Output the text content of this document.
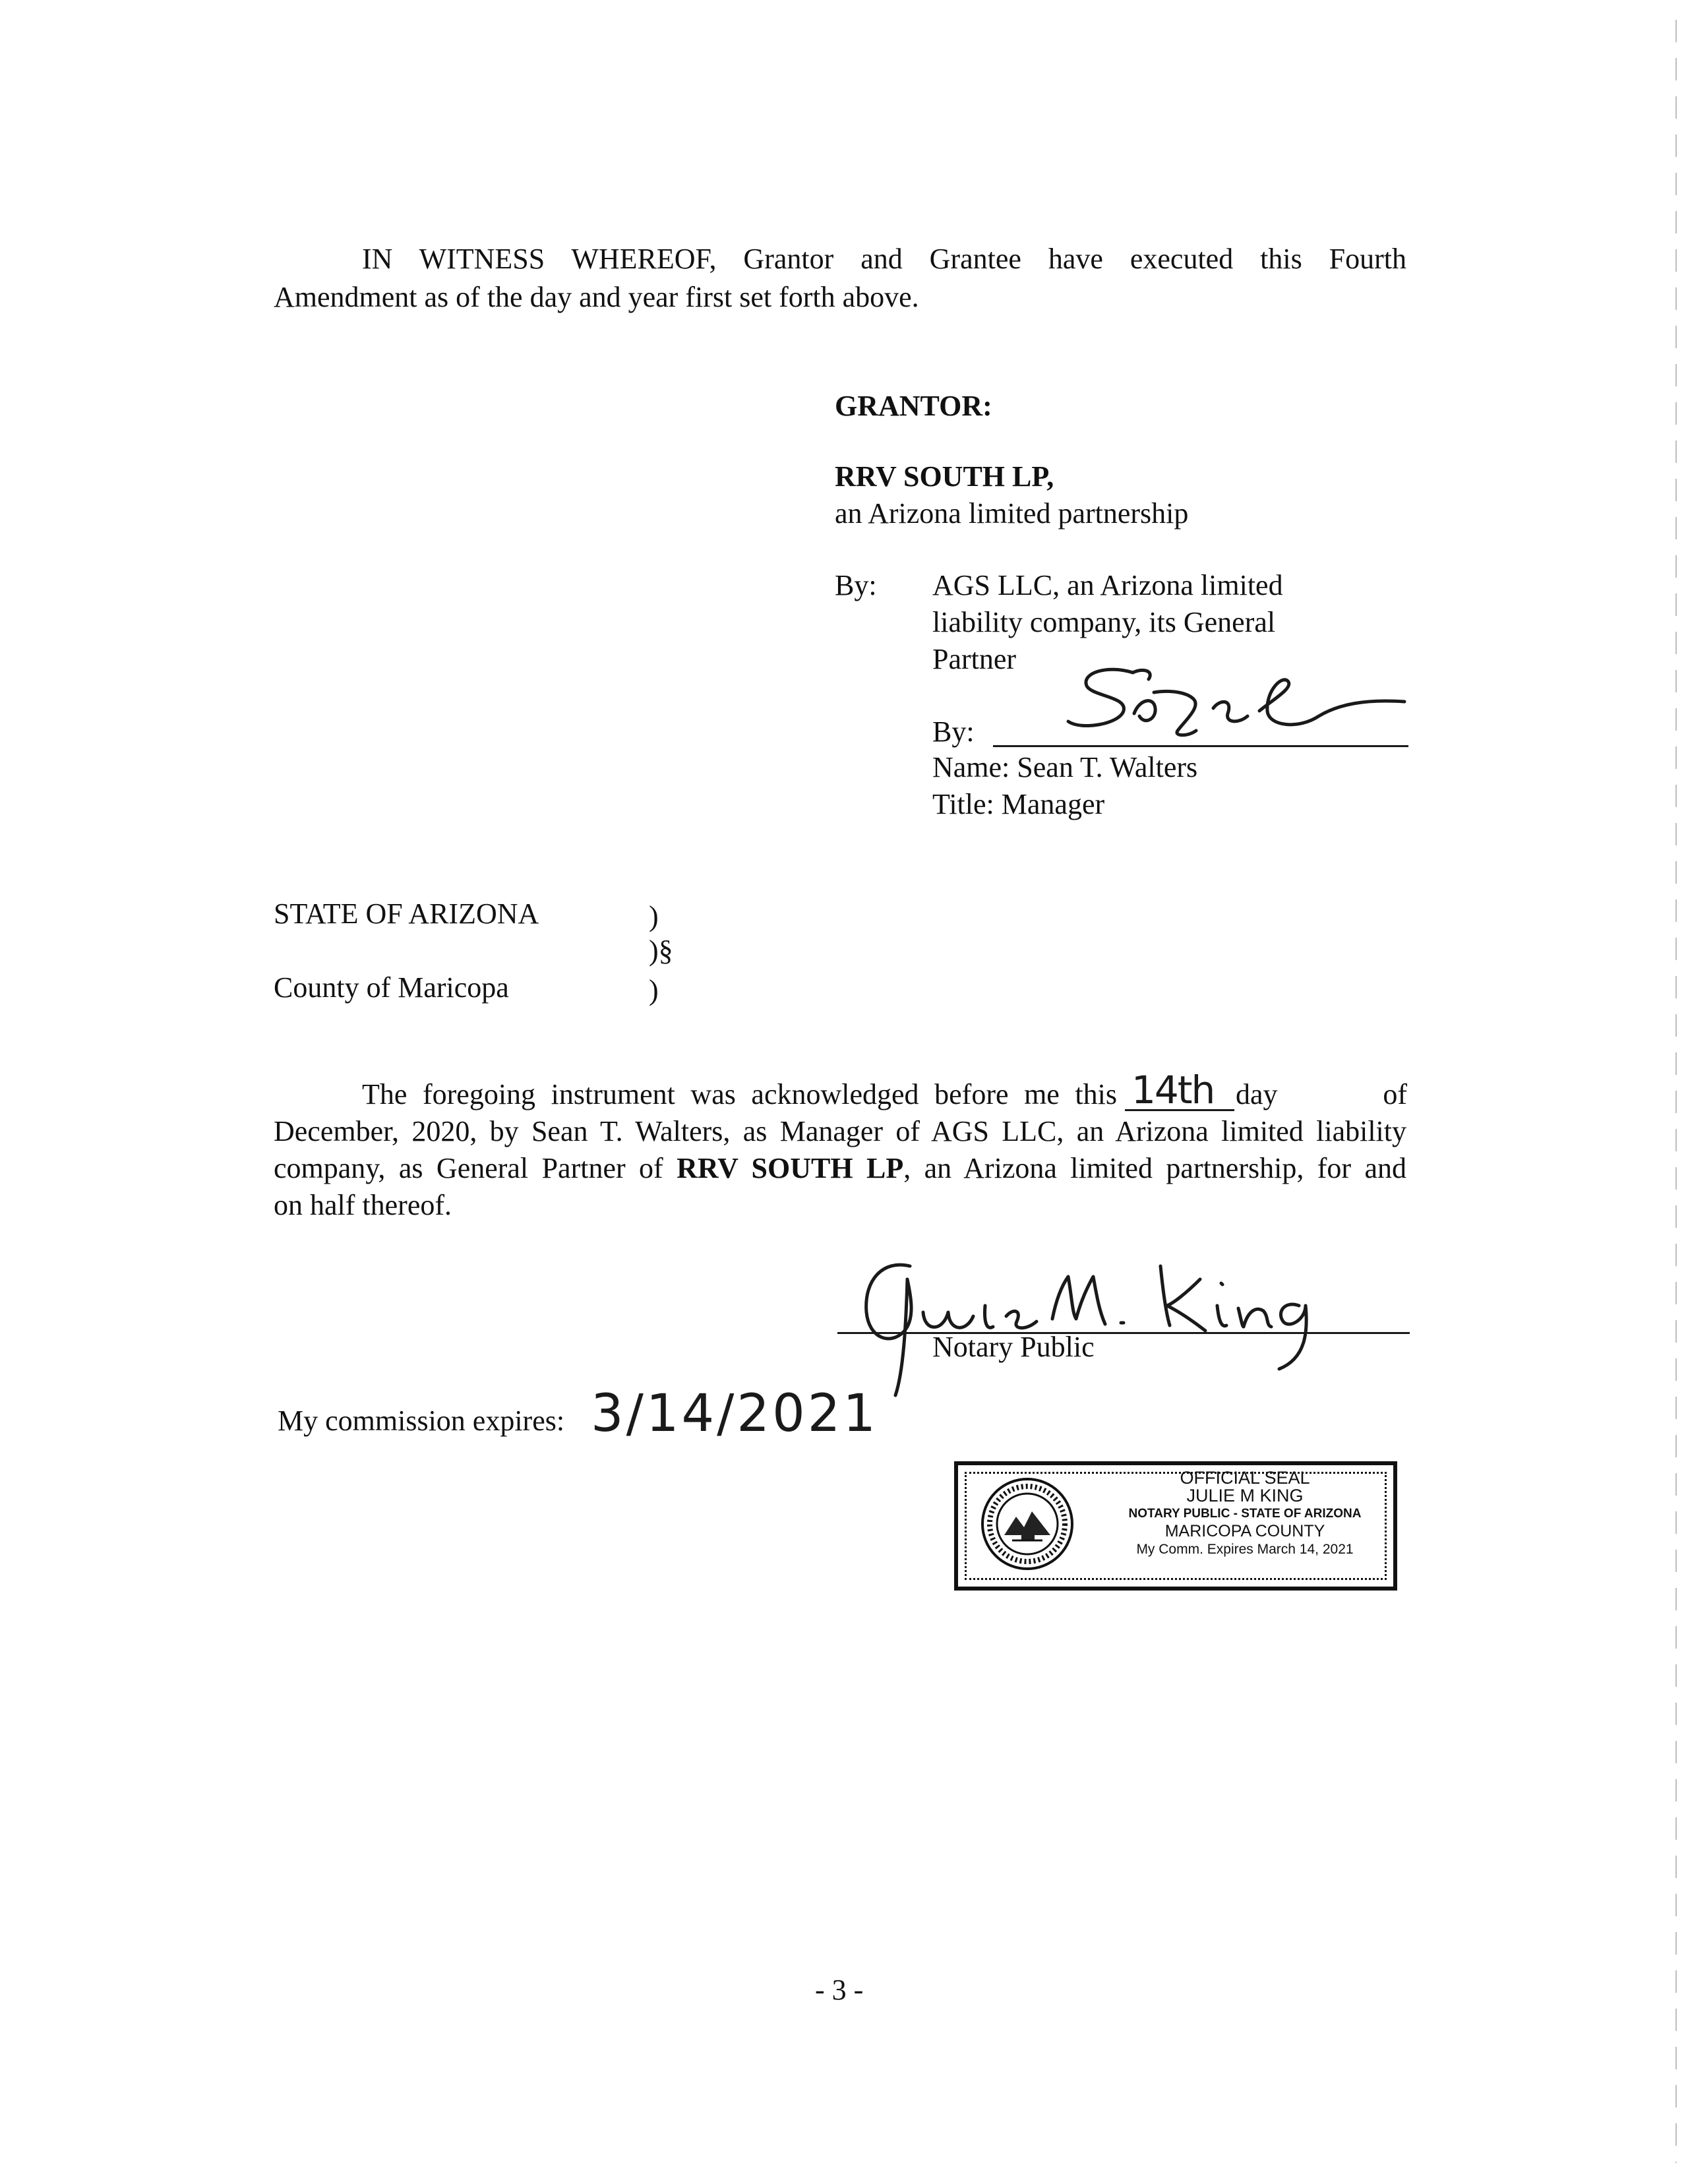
IN WITNESS WHEREOF, Grantor and Grantee have executed this Fourth
Amendment as of the day and year first set forth above.
GRANTOR:
RRV SOUTH LP,
an Arizona limited partnership
By: AGS LLC, an Arizona limited
liability company, its General
Partner
By:
Name: Sean T. Walters
Title: Manager
STATE OF ARIZONA	)
)§
County of Maricopa	)
The foregoing instrument was acknowledged before me this 14th day of
December, 2020, by Sean T. Walters, as Manager of AGS LLC, an Arizona limited liability
company, as General Partner of RRV SOUTH LP, an Arizona limited partnership, for and
on half thereof.
Notary Public
My commission expires: 3/14/2021
OFFICIAL SEAL
JULIE M KING
NOTARY PUBLIC - STATE OF ARIZONA
MARICOPA COUNTY
My Comm. Expires March 14, 2021
- 3 -
